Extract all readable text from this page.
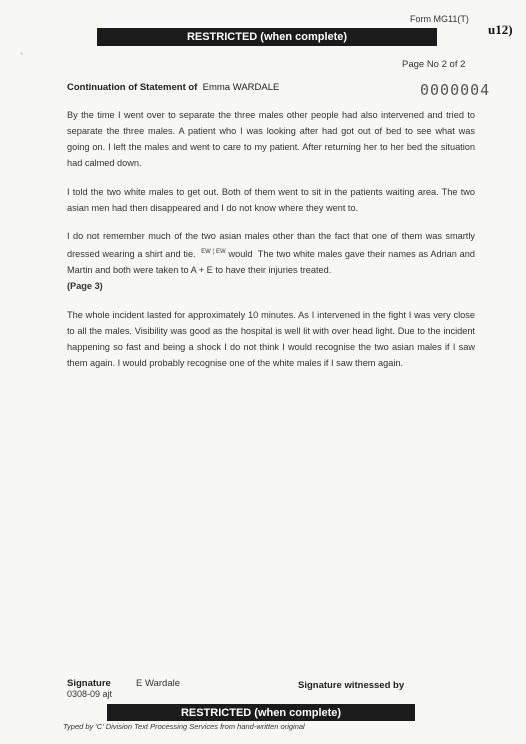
Form MG11(T)
u12)
RESTRICTED (when complete)
Page No 2 of 2
Continuation of Statement of Emma WARDALE	0000004

By the time I went over to separate the three males other people had also intervened and tried to separate the three males. A patient who I was looking after had got out of bed to see what was going on. I left the males and went to care to my patient. After returning her to her bed the situation had calmed down.

I told the two white males to get out. Both of them went to sit in the patients waiting area. The two asian men had then disappeared and I do not know where they went to.

I do not remember much of the two asian males other than the fact that one of them was smartly dressed wearing a shirt and tie. $^{EW ¦ EW}$ would The two white males gave their names as Adrian and Martin and both were taken to A + E to have their injuries treated.
(Page 3)

The whole incident lasted for approximately 10 minutes. As I intervened in the fight I was very close to all the males. Visibility was good as the hospital is well lit with over head light. Due to the incident happening so fast and being a shock I do not think I would recognise the two asian males if I saw them again. I would probably recognise one of the white males if I saw them again.

Signature	E Wardale
0308-09 ajt
Signature witnessed by
RESTRICTED (when complete)
Typed by 'C' Division Text Processing Services from hand-written original
